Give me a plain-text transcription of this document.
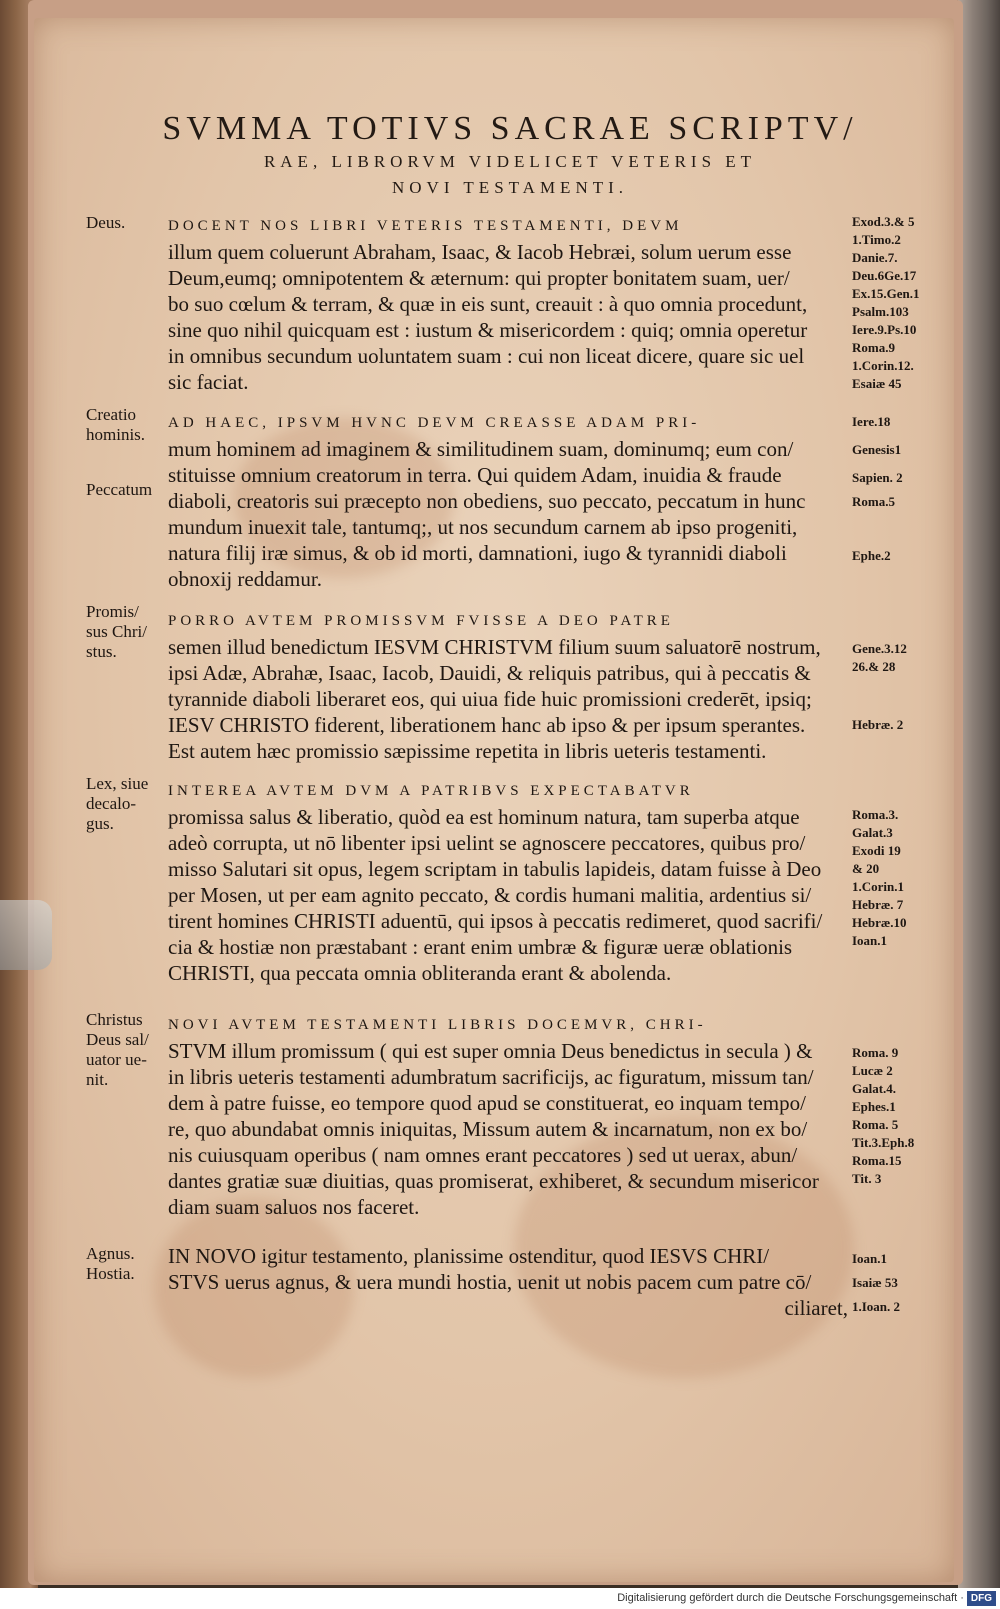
SVMMA TOTIVS SACRAE SCRIPTV/
RAE, LIBRORVM VIDELICET VETERIS ET
NOVI TESTAMENTI.
Deus.	DOCENT NOS LIBRI VETERIS TESTAMENTI, DEVM
illum quem coluerunt Abraham, Isaac, & Iacob Hebræi, solum uerum esse
Deum,eumq; omnipotentem & æternum: qui propter bonitatem suam, uer/
bo suo cœlum & terram, & quæ in eis sunt, creauit : à quo omnia procedunt,
sine quo nihil quicquam est : iustum & misericordem : quiq; omnia operetur
in omnibus secundum uoluntatem suam : cui non liceat dicere, quare sic uel
sic faciat.
Exod.3.& 5
1.Timo.2
Danie.7.
Deu.6Ge.17
Ex.15.Gen.1
Psalm.103
Iere.9.Ps.10
Roma.9
1.Corin.12.
Esaiæ 45
Creatio
hominis.
Peccatum
AD HAEC, IPSVM HVNC DEVM CREASSE ADAM PRI-
mum hominem ad imaginem & similitudinem suam, dominumq; eum con/
stituisse omnium creatorum in terra. Qui quidem Adam, inuidia & fraude
diaboli, creatoris sui præcepto non obediens, suo peccato, peccatum in hunc
mundum inuexit tale, tantumq;, ut nos secundum carnem ab ipso progeniti,
natura filij iræ simus, & ob id morti, damnationi, iugo & tyrannidi diaboli
obnoxij reddamur.
Iere.18
Genesis1
Sapien. 2
Roma.5
Ephe.2
Promis/
sus Chri/
stus.
PORRO AVTEM PROMISSVM FVISSE A DEO PATRE
semen illud benedictum IESVM CHRISTVM filium suum saluatorē nostrum,
ipsi Adæ, Abrahæ, Isaac, Iacob, Dauidi, & reliquis patribus, qui à peccatis &
tyrannide diaboli liberaret eos, qui uiua fide huic promissioni crederēt, ipsiq;
IESV CHRISTO fiderent, liberationem hanc ab ipso & per ipsum sperantes.
Est autem hæc promissio sæpissime repetita in libris ueteris testamenti.
Gene.3.12
26.& 28
Hebræ. 2
Lex, siue
decalo-
gus.
INTEREA AVTEM DVM A PATRIBVS EXPECTABATVR
promissa salus & liberatio, quòd ea est hominum natura, tam superba atque
adeò corrupta, ut nō libenter ipsi uelint se agnoscere peccatores, quibus pro/
misso Salutari sit opus, legem scriptam in tabulis lapideis, datam fuisse à Deo
per Mosen, ut per eam agnito peccato, & cordis humani malitia, ardentius si/
tirent homines CHRISTI aduentū, qui ipsos à peccatis redimeret, quod sacrifi/
cia & hostiæ non præstabant : erant enim umbræ & figuræ ueræ oblationis
CHRISTI, qua peccata omnia obliteranda erant & abolenda.
Roma.3.
Galat.3
Exodi 19
& 20
1.Corin.1
Hebræ. 7
Hebræ.10
Ioan.1
Christus
Deus sal/
uator ue-
nit.
NOVI AVTEM TESTAMENTI LIBRIS DOCEMVR, CHRI-
STVM illum promissum ( qui est super omnia Deus benedictus in secula ) &
in libris ueteris testamenti adumbratum sacrificijs, ac figuratum, missum tan/
dem à patre fuisse, eo tempore quod apud se constituerat, eo inquam tempo/
re, quo abundabat omnis iniquitas, Missum autem & incarnatum, non ex bo/
nis cuiusquam operibus ( nam omnes erant peccatores ) sed ut uerax, abun/
dantes gratiæ suæ diuitias, quas promiserat, exhiberet, & secundum misericor
diam suam saluos nos faceret.
Roma. 9
Lucæ 2
Galat.4.
Ephes.1
Roma. 5
Tit.3.Eph.8
Roma.15
Tit. 3
Agnus.
Hostia.
IN NOVO igitur testamento, planissime ostenditur, quod IESVS CHRI/
STVS uerus agnus, & uera mundi hostia, uenit ut nobis pacem cum patre cō/
ciliaret,
Ioan.1
Isaiæ 53
1.Ioan. 2
Digitalisierung gefördert durch die Deutsche Forschungsgemeinschaft · DFG
